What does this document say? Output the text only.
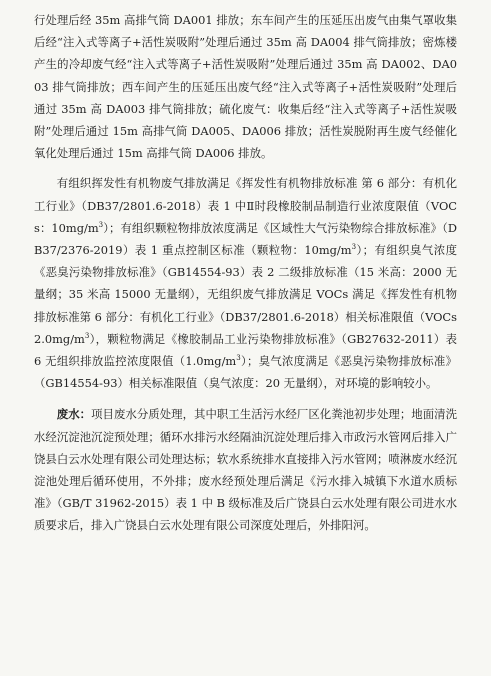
行处理后经 35m 高排气筒 DA001 排放；东车间产生的压延压出废气由集气罩收集后经“注入式等离子+活性炭吸附”处理后通过 35m 高 DA004 排气筒排放；密炼楼产生的冷却废气经“注入式等离子+活性炭吸附”处理后通过 35m 高 DA002、DA003 排气筒排放；西车间产生的压延压出废气经“注入式等离子+活性炭吸附”处理后通过 35m 高 DA003 排气筒排放；硫化废气：收集后经“注入式等离子+活性炭吸附”处理后通过 15m 高排气筒 DA005、DA006 排放；活性炭脱附再生废气经催化氧化处理后通过 15m 高排气筒 DA006 排放。

有组织挥发性有机物废气排放满足《挥发性有机物排放标准 第 6 部分：有机化工行业》（DB37/2801.6-2018）表 1 中Ⅱ时段橡胶制品制造行业浓度限值（VOCs：$10mg/m^3$）；有组织颗粒物排放浓度满足《区域性大气污染物综合排放标准》（DB37/2376-2019）表 1 重点控制区标准（颗粒物：$10mg/m^3$）；有组织臭气浓度《恶臭污染物排放标准》（GB14554-93）表 2 二级排放标准（15 米高：2000 无量纲；35 米高 15000 无量纲），无组织废气排放满足 VOCs 满足《挥发性有机物排放标准第 6 部分：有机化工行业》（DB37/2801.6-2018）相关标准限值$(VOCs2.0mg/m^3)$，颗粒物满足《橡胶制品工业污染物排放标准》（GB27632-2011）表 6 无组织排放监控浓度限值$(1.0mg/m^3)$；臭气浓度满足《恶臭污染物排放标准》（GB14554-93）相关标准限值（臭气浓度：20 无量纲），对环境的影响较小。

废水：项目废水分质处理，其中职工生活污水经厂区化粪池初步处理；地面清洗水经沉淀池沉淀预处理；循环水排污水经隔油沉淀处理后排入市政污水管网后排入广饶县白云水处理有限公司处理达标；软水系统排水直接排入污水管网；喷淋废水经沉淀池处理后循环使用，不外排；废水经预处理后满足《污水排入城镇下水道水质标准》（GB/T 31962-2015）表 1 中 B 级标准及后广饶县白云水处理有限公司进水水质要求后，排入广饶县白云水处理有限公司深度处理后，外排阳河。
